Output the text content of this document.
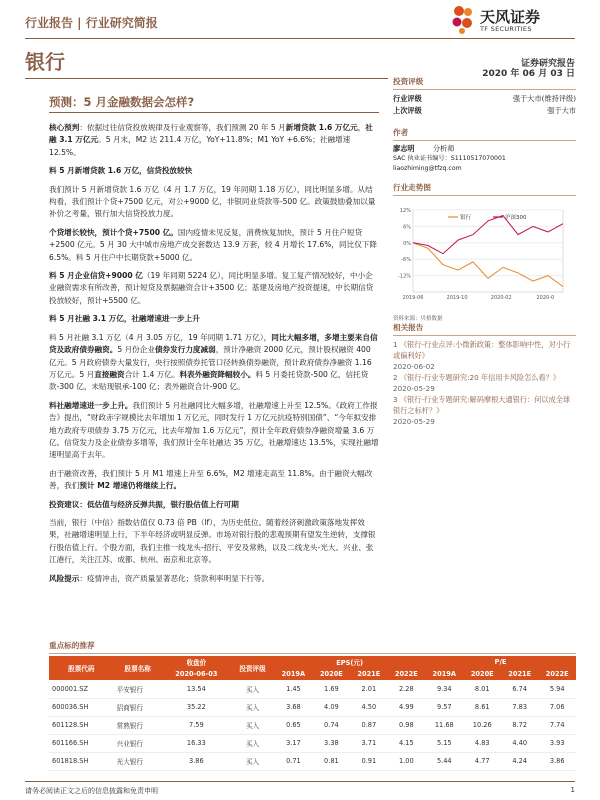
行业报告 | 行业研究简报	天风证券
TF SECURITIES
银行	证券研究报告
2020 年 06 月 03 日
预测：5 月金融数据会怎样?

核心预判：依据过往信贷投放规律及行业观察等，我们预测 20 年 5 月新增贷款 1.6 万亿元，社融 3.1 万亿元。5 月末，M2 达 211.4 万亿，YoY+11.8%；M1 YoY +6.6%；社融增速 12.5%。

料 5 月新增贷款 1.6 万亿，信贷投放较快

我们预计 5 月新增贷款 1.6 万亿（4 月 1.7 万亿，19 年同期 1.18 万亿），同比明显多增。从结构看，我们预计个贷+7500 亿元，对公+9000 亿，非银同业贷款等-500 亿。政策鼓励叠加以量补价之考量，银行加大信贷投放力度。

个贷增长较快，预计个贷+7500 亿。国内疫情未见反复，消费恢复加快，预计 5 月住户短贷+2500 亿元。5 月 30 大中城市房地产成交套数达 13.9 万套，较 4 月增长 17.6%，同比仅下降 6.5%。料 5 月住户中长期贷款+5000 亿。

料 5 月企业信贷+9000 亿（19 年同期 5224 亿），同比明显多增。复工复产情况较好，中小企业融资需求有所改善，预计短贷及票据融资合计+3500 亿；基建及房地产投资提速，中长期信贷投放较好，预计+5500 亿。

料 5 月社融 3.1 万亿，社融增速进一步上升

料 5 月社融 3.1 万亿（4 月 3.05 万亿，19 年同期 1.71 万亿），同比大幅多增，多增主要来自信贷及政府债券融资。5 月份企业债券发行力度减弱，预计净融资 2000 亿元，预计股权融资 400 亿元。5 月政府债券大量发行，央行按照债券托管口径转换债券融资，预计政府债券净融资 1.16 万亿元。5 月直接融资合计 1.4 万亿。料表外融资降幅较小。料 5 月委托贷款-500 亿，信托贷款-300 亿，未贴现银承-100 亿；表外融资合计-900 亿。

料社融增速进一步上升。我们预计 5 月社融同比大幅多增，社融增速上升至 12.5%。《政府工作报告》提出，“财政赤字规模比去年增加 1 万亿元，同时发行 1 万亿元抗疫特别国债”、“今年拟安排地方政府专项债券 3.75 万亿元，比去年增加 1.6 万亿元”，预计全年政府债券净融资增量 3.6 万亿。信贷发力及企业债券多增等，我们预计全年社融达 35 万亿，社融增速达 13.5%，实现社融增速明显高于去年。

由于融资改善，我们预计 5 月 M1 增速上升至 6.6%，M2 增速走高至 11.8%。由于融资大幅改善，我们预计 M2 增速仍将继续上行。

投资建议：低估值与经济反弹共振，银行股估值上行可期

当前，银行（中信）指数估值仅 0.73 倍 PB（lf），为历史低位。随着经济刺激政策落地发挥效果，社融增速明显上行，下半年经济或明显反弹。市场对银行股的悲观预期有望发生逆转，支撑银行股估值上行。个股方面，我们主推一线龙头-招行、平安及常熟，以及二线龙头-光大、兴业、张江港行，关注江苏、成都、杭州、南京和北京等。

风险提示：疫情冲击，资产质量显著恶化；贷款利率明显下行等。

投资评级
行业评级	强于大市(维持评级)
上次评级	强于大市
作者
廖志明	分析师
SAC 执业证书编号：S1110517070001
liaozhiming@tfzq.com
行业走势图
12%
6%
0%
-6%
-12%
2019-06	2019-10	2020-02	2020-0
银行	沪深300
资料来源：贝格数据
相关报告
1 《银行-行业点评:小微新政策：整体影响中性，对小行或偏利好》
2020-06-02
2 《银行-行业专题研究:20 年信用卡风险怎么看？》
2020-05-29
3 《银行-行业专题研究:解码摩根大通银行：何以成全球银行之标杆？》
2020-05-29
重点标的推荐
股票代码	股票名称	收盘价	投资评级	EPS(元)				P/E			
		2020-06-03		2019A	2020E	2021E	2022E	2019A	2020E	2021E	2022E
000001.SZ	平安银行	13.54	买入	1.45	1.69	2.01	2.28	9.34	8.01	6.74	5.94
600036.SH	招商银行	35.22	买入	3.68	4.09	4.50	4.99	9.57	8.61	7.83	7.06
601128.SH	常熟银行	7.59	买入	0.65	0.74	0.87	0.98	11.68	10.26	8.72	7.74
601166.SH	兴业银行	16.33	买入	3.17	3.38	3.71	4.15	5.15	4.83	4.40	3.93
601818.SH	光大银行	3.86	买入	0.71	0.81	0.91	1.00	5.44	4.77	4.24	3.86
请务必阅读正文之后的信息披露和免责申明	1
